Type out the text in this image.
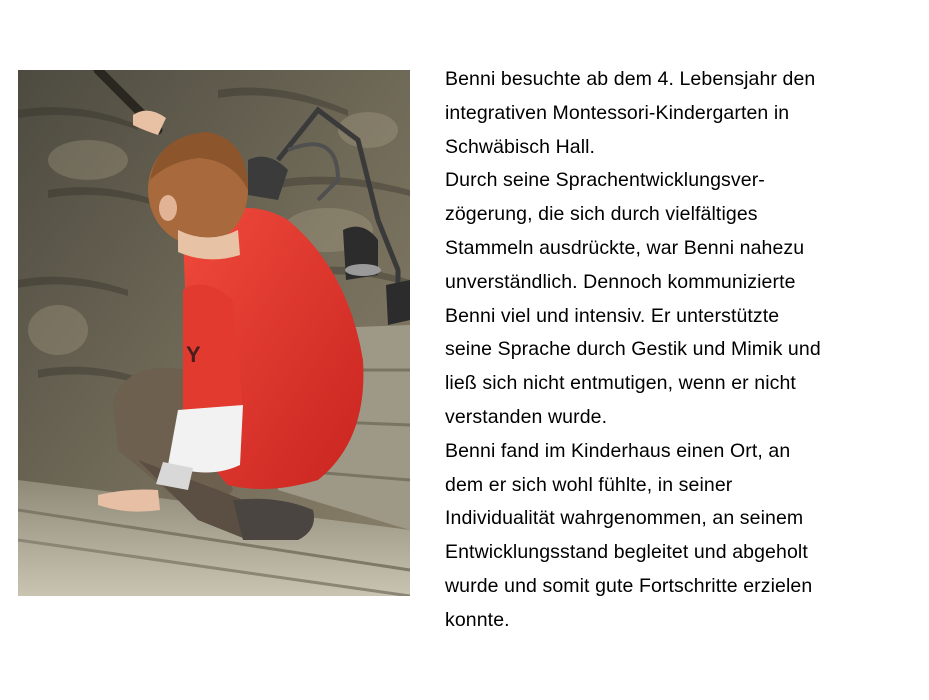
Y
Benni besuchte ab dem 4. Lebensjahr den
integrativen Montessori-Kindergarten in
Schwäbisch Hall.
Durch seine Sprachentwicklungsver-
zögerung, die sich durch vielfältiges
Stammeln ausdrückte, war Benni nahezu
unverständlich. Dennoch kommunizierte
Benni viel und intensiv. Er unterstützte
seine Sprache durch Gestik und Mimik und
ließ sich nicht entmutigen, wenn er nicht
verstanden wurde.
Benni fand im Kinderhaus einen Ort, an
dem er sich wohl fühlte, in seiner
Individualität wahrgenommen, an seinem
Entwicklungsstand begleitet und abgeholt
wurde und somit gute Fortschritte erzielen
konnte.
